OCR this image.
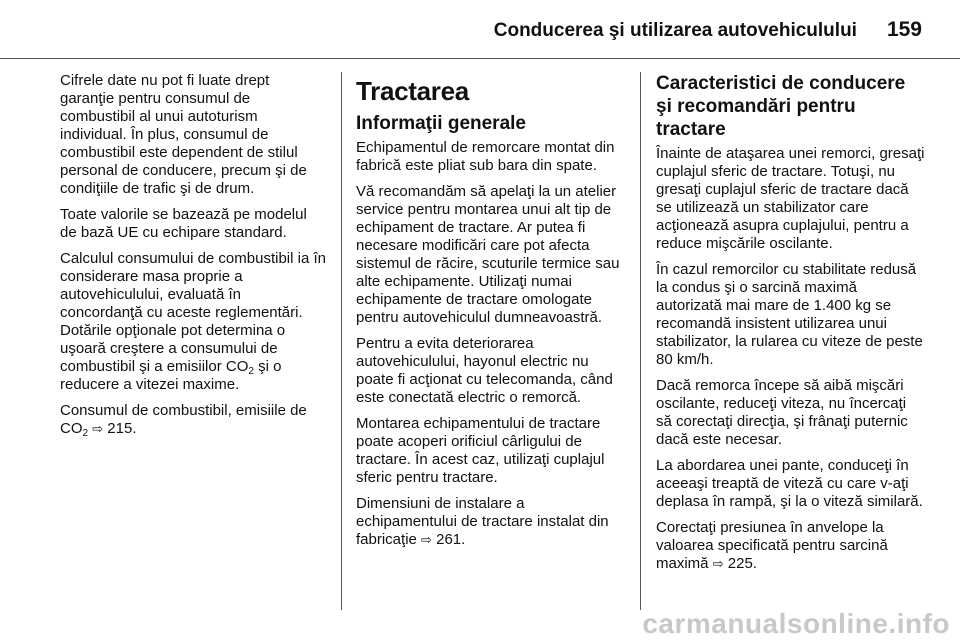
Conducerea şi utilizarea autovehiculului 159

Cifrele date nu pot fi luate drept garanţie pentru consumul de combustibil al unui autoturism individual. În plus, consumul de combustibil este dependent de stilul personal de conducere, precum şi de condiţiile de trafic şi de drum.

Toate valorile se bazează pe modelul de bază UE cu echipare standard.

Calculul consumului de combustibil ia în considerare masa proprie a autovehiculului, evaluată în concordanţă cu aceste reglementări. Dotările opţionale pot determina o uşoară creştere a consumului de combustibil şi a emisiilor $CO_2$ şi o reducere a vitezei maxime.

Consumul de combustibil, emisiile de $CO_2$ ⇨ 215.

Tractarea
Informaţii generale

Echipamentul de remorcare montat din fabrică este pliat sub bara din spate.

Vă recomandăm să apelaţi la un atelier service pentru montarea unui alt tip de echipament de tractare. Ar putea fi necesare modificări care pot afecta sistemul de răcire, scuturile termice sau alte echipamente. Utilizaţi numai echipamente de tractare omologate pentru autovehiculul dumneavoastră.

Pentru a evita deteriorarea autovehiculului, hayonul electric nu poate fi acţionat cu telecomanda, când este conectată electric o remorcă.

Montarea echipamentului de tractare poate acoperi orificiul cârligului de tractare. În acest caz, utilizaţi cuplajul sferic pentru tractare.

Dimensiuni de instalare a echipamentului de tractare instalat din fabricaţie ⇨ 261.

Caracteristici de conducere şi recomandări pentru tractare

Înainte de ataşarea unei remorci, gresaţi cuplajul sferic de tractare. Totuşi, nu gresaţi cuplajul sferic de tractare dacă se utilizează un stabilizator care acţionează asupra cuplajului, pentru a reduce mişcările oscilante.

În cazul remorcilor cu stabilitate redusă la condus şi o sarcină maximă autorizată mai mare de 1.400 kg se recomandă insistent utilizarea unui stabilizator, la rularea cu viteze de peste 80 km/h.

Dacă remorca începe să aibă mişcări oscilante, reduceţi viteza, nu încercaţi să corectaţi direcţia, şi frânaţi puternic dacă este necesar.

La abordarea unei pante, conduceţi în aceeaşi treaptă de viteză cu care v-aţi deplasa în rampă, şi la o viteză similară.

Corectaţi presiunea în anvelope la valoarea specificată pentru sarcină maximă ⇨ 225.

carmanualsonline.info
